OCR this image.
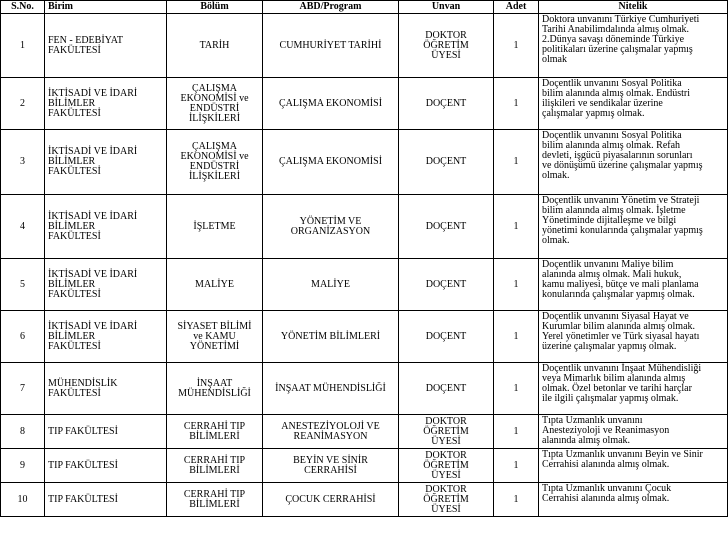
S.No.	Birim	Bölüm	ABD/Program	Unvan	Adet	Nitelik
1	FEN - EDEBİYAT
FAKÜLTESİ	TARİH	CUMHURİYET TARİHİ	DOKTOR
ÖĞRETİM
ÜYESİ	1	Doktora unvanını Türkiye Cumhuriyeti
Tarihi Anabilimdalında almış olmak.
2.Dünya savaşı döneminde Türkiye
politikaları üzerine çalışmalar yapmış
olmak

2	İKTİSADİ VE İDARİ
BİLİMLER
FAKÜLTESİ	ÇALIŞMA
EKONOMİSİ ve
ENDÜSTRİ
İLİŞKİLERİ	ÇALIŞMA EKONOMİSİ	DOÇENT	1	Doçentlik unvanını Sosyal Politika
bilim alanında almış olmak. Endüstri
ilişkileri ve sendikalar üzerine
çalışmalar yapmış olmak.

3	İKTİSADİ VE İDARİ
BİLİMLER
FAKÜLTESİ	ÇALIŞMA
EKONOMİSİ ve
ENDÜSTRİ
İLİŞKİLERİ	ÇALIŞMA EKONOMİSİ	DOÇENT	1	Doçentlik unvanını Sosyal Politika
bilim alanında almış olmak. Refah
devleti, işgücü piyasalarının sorunları
ve dönüşümü üzerine çalışmalar yapmış
olmak.

4	İKTİSADİ VE İDARİ
BİLİMLER
FAKÜLTESİ	İŞLETME	YÖNETİM VE
ORGANİZASYON	DOÇENT	1	Doçentlik unvanını Yönetim ve Strateji
bilim alanında almış olmak. İşletme
Yönetiminde dijitalleşme ve bilgi
yönetimi konularında çalışmalar yapmış
olmak.

5	İKTİSADİ VE İDARİ
BİLİMLER
FAKÜLTESİ	MALİYE	MALİYE	DOÇENT	1	Doçentlik unvanını Maliye bilim
alanında almış olmak. Mali hukuk,
kamu maliyesi, bütçe ve mali planlama
konularında çalışmalar yapmış olmak.

6	İKTİSADİ VE İDARİ
BİLİMLER
FAKÜLTESİ	SİYASET BİLİMİ
ve KAMU
YÖNETİMİ	YÖNETİM BİLİMLERİ	DOÇENT	1	Doçentlik unvanını Siyasal Hayat ve
Kurumlar bilim alanında almış olmak.
Yerel yönetimler ve Türk siyasal hayatı
üzerine çalışmalar yapmış olmak.

7	MÜHENDİSLİK
FAKÜLTESİ	İNŞAAT
MÜHENDİSLİĞİ	İNŞAAT MÜHENDİSLİĞİ	DOÇENT	1	Doçentlik unvanını İnşaat Mühendisliği
veya Mimarlık bilim alanında almış
olmak. Özel betonlar ve tarihi harçlar
ile ilgili çalışmalar yapmış olmak.

8	TIP FAKÜLTESİ	CERRAHİ TIP
BİLİMLERİ	ANESTEZİYOLOJİ VE
REANİMASYON	DOKTOR
ÖĞRETİM
ÜYESİ	1	Tıpta Uzmanlık unvanını
Anesteziyoloji ve Reanimasyon
alanında almış olmak.

9	TIP FAKÜLTESİ	CERRAHİ TIP
BİLİMLERİ	BEYİN VE SİNİR
CERRAHİSİ	DOKTOR
ÖĞRETİM
ÜYESİ	1	Tıpta Uzmanlık unvanını Beyin ve Sinir
Cerrahisi alanında almış olmak.

10	TIP FAKÜLTESİ	CERRAHİ TIP
BİLİMLERİ	ÇOCUK CERRAHİSİ	DOKTOR
ÖĞRETİM
ÜYESİ	1	Tıpta Uzmanlık unvanını Çocuk
Cerrahisi alanında almış olmak.
